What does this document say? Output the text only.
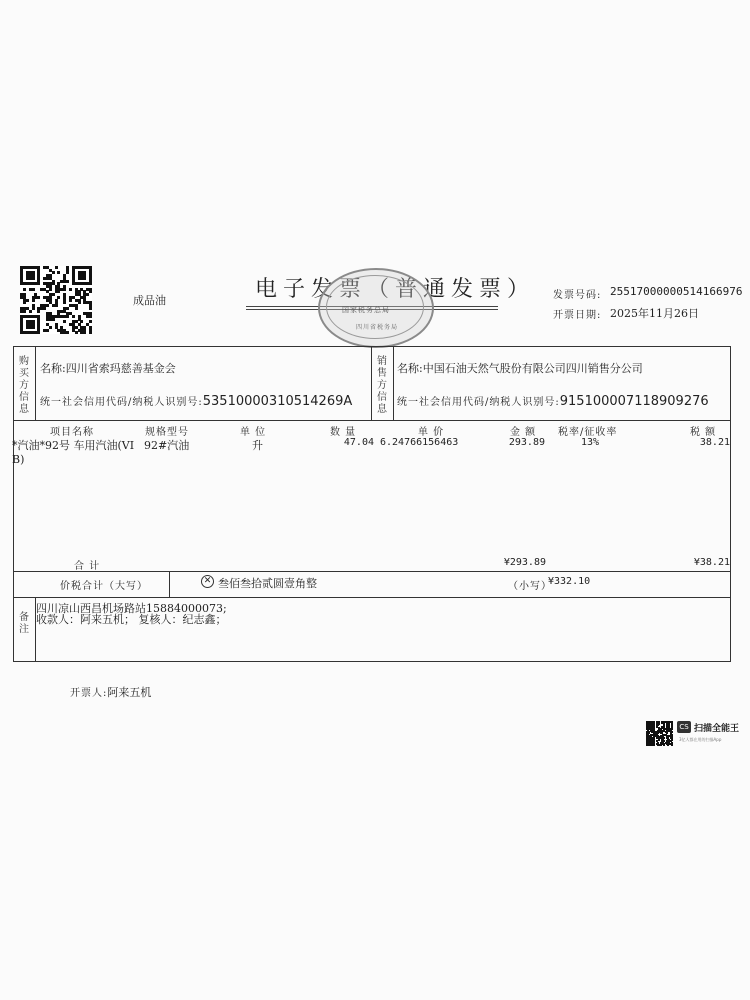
成品油	电子发票（普通发票）
国家税务总局
四川省税务局
发票号码: 25517000000514166976
开票日期: 2025年11月26日
购买方信息
名称:四川省索玛慈善基金会
统一社会信用代码/纳税人识别号:53510000310514269A
销售方信息
名称:中国石油天然气股份有限公司四川销售分公司
统一社会信用代码/纳税人识别号:91510000711890927​6
项目名称	规格型号	单 位	数 量	单 价	金 额 税率/征收率	税 额
*汽油*92号 车用汽油(VI
B)
92#汽油	升	47.04 6.24766156463	293.89	13%	38.21
合 计	¥293.89	¥38.21
价税合计（大写）	✕ 叁佰叁拾贰圆壹角整	（小写）
¥332.10
备注
四川凉山西昌机场路站15884000073;
收款人：阿来五机； 复核人：纪志鑫；
开票人:阿来五机
CS 扫描全能王
3亿人都在用的扫描App
